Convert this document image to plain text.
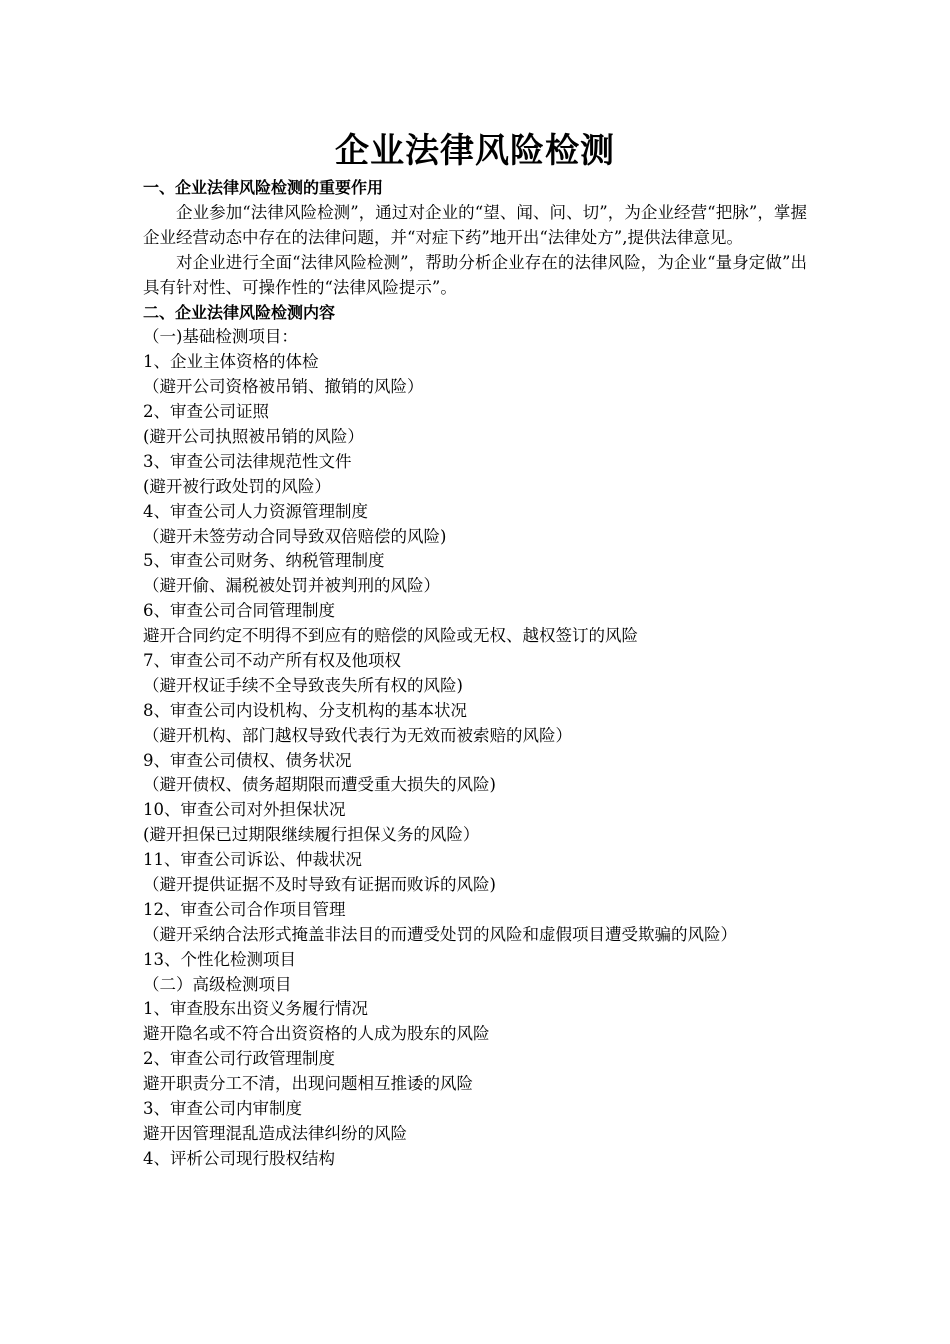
企业法律风险检测
一、企业法律风险检测的重要作用

企业参加“法律风险检测”，通过对企业的“望、闻、问、切”，为企业经营“把脉”，掌握企业经营动态中存在的法律问题，并“对症下药”地开出“法律处方”,提供法律意见。

对企业进行全面“法律风险检测”，帮助分析企业存在的法律风险，为企业“量身定做”出具有针对性、可操作性的“法律风险提示”。

二、企业法律风险检测内容
（一)基础检测项目：
1、企业主体资格的体检
（避开公司资格被吊销、撤销的风险）
2、审查公司证照
(避开公司执照被吊销的风险）
3、审查公司法律规范性文件
(避开被行政处罚的风险）
4、审查公司人力资源管理制度
（避开未签劳动合同导致双倍赔偿的风险)
5、审查公司财务、纳税管理制度
（避开偷、漏税被处罚并被判刑的风险）
6、审查公司合同管理制度
避开合同约定不明得不到应有的赔偿的风险或无权、越权签订的风险
7、审查公司不动产所有权及他项权
（避开权证手续不全导致丧失所有权的风险)
8、审查公司内设机构、分支机构的基本状况
（避开机构、部门越权导致代表行为无效而被索赔的风险）
9、审查公司债权、债务状况
（避开债权、债务超期限而遭受重大损失的风险)
10、审查公司对外担保状况
(避开担保已过期限继续履行担保义务的风险）
11、审查公司诉讼、仲裁状况
（避开提供证据不及时导致有证据而败诉的风险)
12、审查公司合作项目管理

（避开采纳合法形式掩盖非法目的而遭受处罚的风险和虚假项目遭受欺骗的风险）

13、个性化检测项目
（二）高级检测项目
1、审查股东出资义务履行情况
避开隐名或不符合出资资格的人成为股东的风险
2、审查公司行政管理制度
避开职责分工不清，出现问题相互推诿的风险
3、审查公司内审制度
避开因管理混乱造成法律纠纷的风险
4、评析公司现行股权结构
